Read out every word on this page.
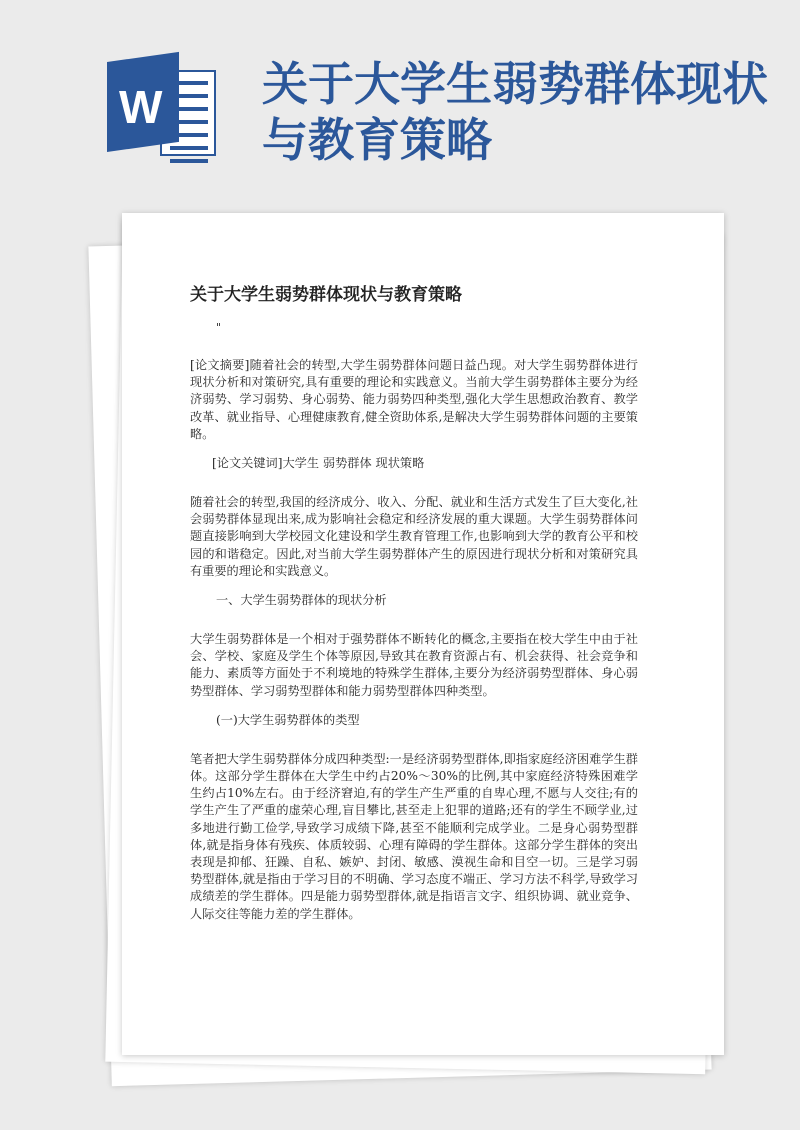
W 关于大学生弱势群体现状与教育策略
关于大学生弱势群体现状与教育策略
"

[论文摘要]随着社会的转型,大学生弱势群体问题日益凸现。对大学生弱势群体进行现状分析和对策研究,具有重要的理论和实践意义。当前大学生弱势群体主要分为经济弱势、学习弱势、身心弱势、能力弱势四种类型,强化大学生思想政治教育、教学改革、就业指导、心理健康教育,健全资助体系,是解决大学生弱势群体问题的主要策略。

[论文关键词]大学生 弱势群体 现状策略

随着社会的转型,我国的经济成分、收入、分配、就业和生活方式发生了巨大变化,社会弱势群体显现出来,成为影响社会稳定和经济发展的重大课题。大学生弱势群体问题直接影响到大学校园文化建设和学生教育管理工作,也影响到大学的教育公平和校园的和谐稳定。因此,对当前大学生弱势群体产生的原因进行现状分析和对策研究具有重要的理论和实践意义。

一、大学生弱势群体的现状分析

大学生弱势群体是一个相对于强势群体不断转化的概念,主要指在校大学生中由于社会、学校、家庭及学生个体等原因,导致其在教育资源占有、机会获得、社会竞争和能力、素质等方面处于不利境地的特殊学生群体,主要分为经济弱势型群体、身心弱势型群体、学习弱势型群体和能力弱势型群体四种类型。

(一)大学生弱势群体的类型

笔者把大学生弱势群体分成四种类型:一是经济弱势型群体,即指家庭经济困难学生群体。这部分学生群体在大学生中约占20%～30%的比例,其中家庭经济特殊困难学生约占10%左右。由于经济窘迫,有的学生产生严重的自卑心理,不愿与人交往;有的学生产生了严重的虚荣心理,盲目攀比,甚至走上犯罪的道路;还有的学生不顾学业,过多地进行勤工俭学,导致学习成绩下降,甚至不能顺利完成学业。二是身心弱势型群体,就是指身体有残疾、体质较弱、心理有障碍的学生群体。这部分学生群体的突出表现是抑郁、狂躁、自私、嫉妒、封闭、敏感、漠视生命和目空一切。三是学习弱势型群体,就是指由于学习目的不明确、学习态度不端正、学习方法不科学,导致学习成绩差的学生群体。四是能力弱势型群体,就是指语言文字、组织协调、就业竞争、人际交往等能力差的学生群体。
